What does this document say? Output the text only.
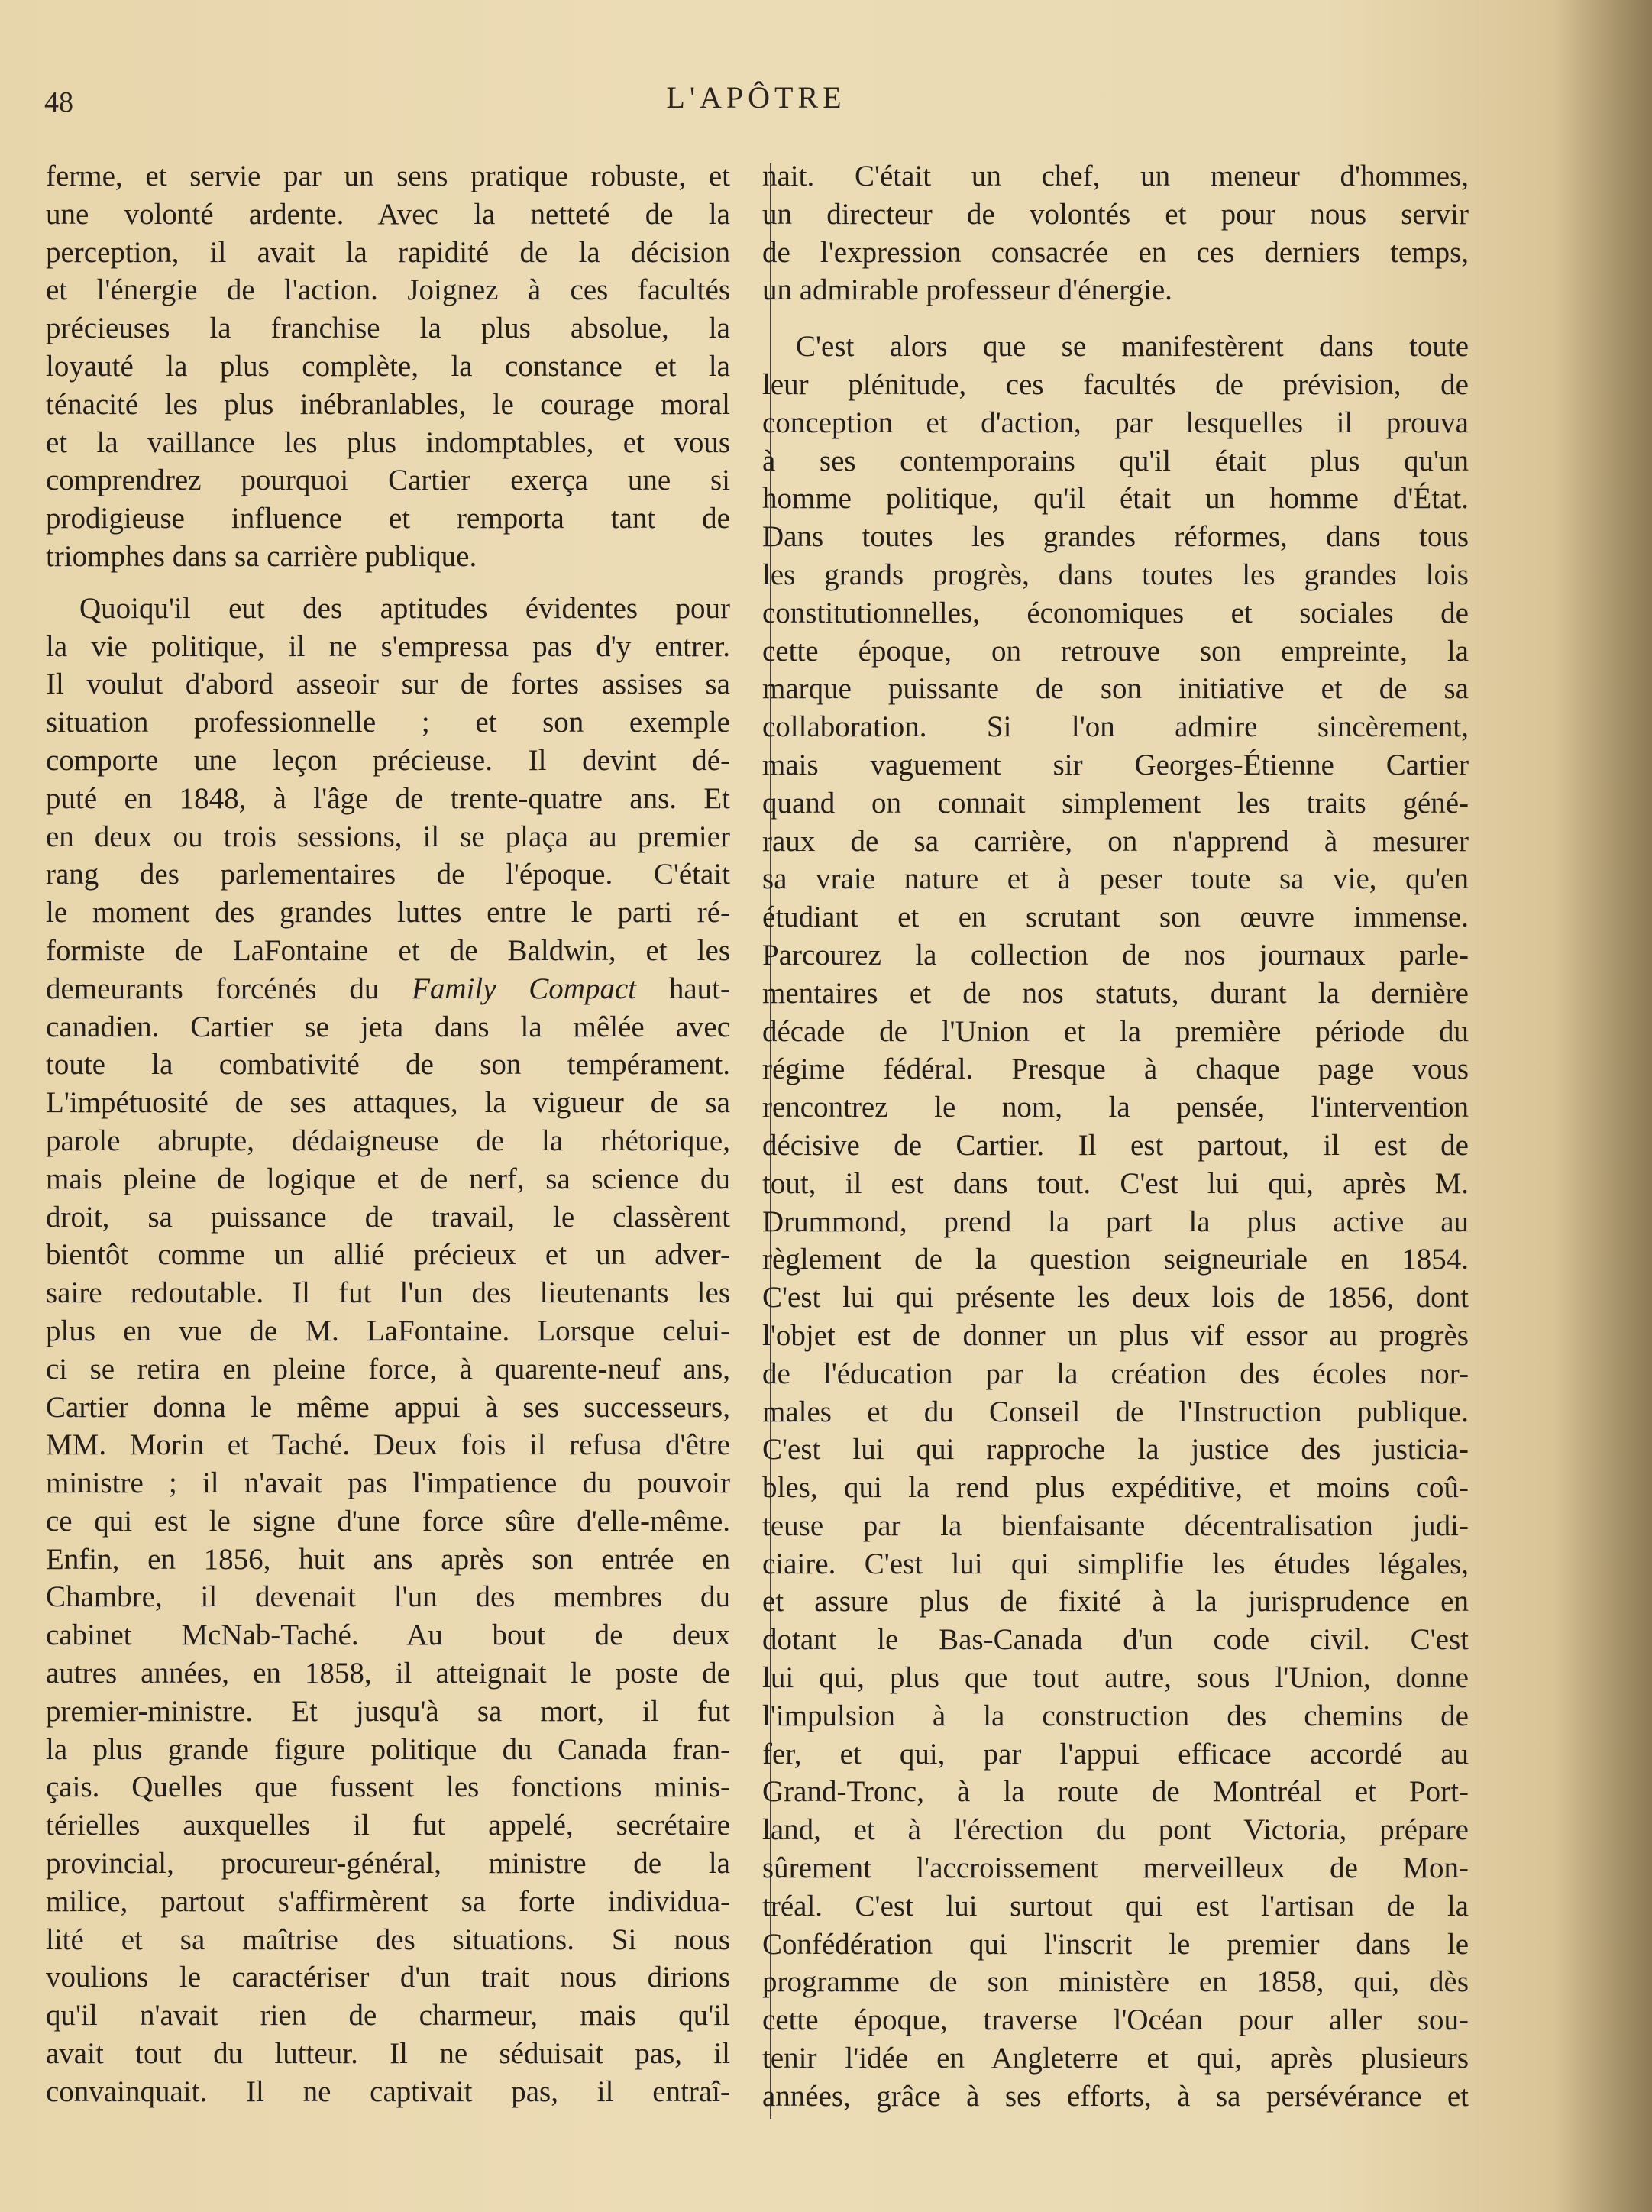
48	L'APÔTRE

ferme, et servie par un sens pratique robuste, et
une volonté ardente. Avec la netteté de la
perception, il avait la rapidité de la décision
et l'énergie de l'action. Joignez à ces facultés
précieuses la franchise la plus absolue, la
loyauté la plus complète, la constance et la
ténacité les plus inébranlables, le courage moral
et la vaillance les plus indomptables, et vous
comprendrez pourquoi Cartier exerça une si
prodigieuse influence et remporta tant de
triomphes dans sa carrière publique.

Quoiqu'il eut des aptitudes évidentes pour
la vie politique, il ne s'empressa pas d'y entrer.
Il voulut d'abord asseoir sur de fortes assises sa
situation professionnelle ; et son exemple
comporte une leçon précieuse. Il devint dé-
puté en 1848, à l'âge de trente-quatre ans. Et
en deux ou trois sessions, il se plaça au premier
rang des parlementaires de l'époque. C'était
le moment des grandes luttes entre le parti ré-
formiste de LaFontaine et de Baldwin, et les
demeurants forcénés du Family Compact haut-
canadien. Cartier se jeta dans la mêlée avec
toute la combativité de son tempérament.
L'impétuosité de ses attaques, la vigueur de sa
parole abrupte, dédaigneuse de la rhétorique,
mais pleine de logique et de nerf, sa science du
droit, sa puissance de travail, le classèrent
bientôt comme un allié précieux et un adver-
saire redoutable. Il fut l'un des lieutenants les
plus en vue de M. LaFontaine. Lorsque celui-
ci se retira en pleine force, à quarente-neuf ans,
Cartier donna le même appui à ses successeurs,
MM. Morin et Taché. Deux fois il refusa d'être
ministre ; il n'avait pas l'impatience du pouvoir
ce qui est le signe d'une force sûre d'elle-même.
Enfin, en 1856, huit ans après son entrée en
Chambre, il devenait l'un des membres du
cabinet McNab-Taché. Au bout de deux
autres années, en 1858, il atteignait le poste de
premier-ministre. Et jusqu'à sa mort, il fut
la plus grande figure politique du Canada fran-
çais. Quelles que fussent les fonctions minis-
térielles auxquelles il fut appelé, secrétaire
provincial, procureur-général, ministre de la
milice, partout s'affirmèrent sa forte individua-
lité et sa maîtrise des situations. Si nous
voulions le caractériser d'un trait nous dirions
qu'il n'avait rien de charmeur, mais qu'il
avait tout du lutteur. Il ne séduisait pas, il
convainquait. Il ne captivait pas, il entraî-

nait. C'était un chef, un meneur d'hommes,
un directeur de volontés et pour nous servir
de l'expression consacrée en ces derniers temps,
un admirable professeur d'énergie.

C'est alors que se manifestèrent dans toute
leur plénitude, ces facultés de prévision, de
conception et d'action, par lesquelles il prouva
à ses contemporains qu'il était plus qu'un
homme politique, qu'il était un homme d'État.
Dans toutes les grandes réformes, dans tous
les grands progrès, dans toutes les grandes lois
constitutionnelles, économiques et sociales de
cette époque, on retrouve son empreinte, la
marque puissante de son initiative et de sa
collaboration. Si l'on admire sincèrement,
mais vaguement sir Georges-Étienne Cartier
quand on connait simplement les traits géné-
raux de sa carrière, on n'apprend à mesurer
sa vraie nature et à peser toute sa vie, qu'en
étudiant et en scrutant son œuvre immense.
Parcourez la collection de nos journaux parle-
mentaires et de nos statuts, durant la dernière
décade de l'Union et la première période du
régime fédéral. Presque à chaque page vous
rencontrez le nom, la pensée, l'intervention
décisive de Cartier. Il est partout, il est de
tout, il est dans tout. C'est lui qui, après M.
Drummond, prend la part la plus active au
règlement de la question seigneuriale en 1854.
C'est lui qui présente les deux lois de 1856, dont
l'objet est de donner un plus vif essor au progrès
de l'éducation par la création des écoles nor-
males et du Conseil de l'Instruction publique.
C'est lui qui rapproche la justice des justicia-
bles, qui la rend plus expéditive, et moins coû-
teuse par la bienfaisante décentralisation judi-
ciaire. C'est lui qui simplifie les études légales,
et assure plus de fixité à la jurisprudence en
dotant le Bas-Canada d'un code civil. C'est
lui qui, plus que tout autre, sous l'Union, donne
l'impulsion à la construction des chemins de
fer, et qui, par l'appui efficace accordé au
Grand-Tronc, à la route de Montréal et Port-
land, et à l'érection du pont Victoria, prépare
sûrement l'accroissement merveilleux de Mon-
tréal. C'est lui surtout qui est l'artisan de la
Confédération qui l'inscrit le premier dans le
programme de son ministère en 1858, qui, dès
cette époque, traverse l'Océan pour aller sou-
tenir l'idée en Angleterre et qui, après plusieurs
années, grâce à ses efforts, à sa persévérance et
